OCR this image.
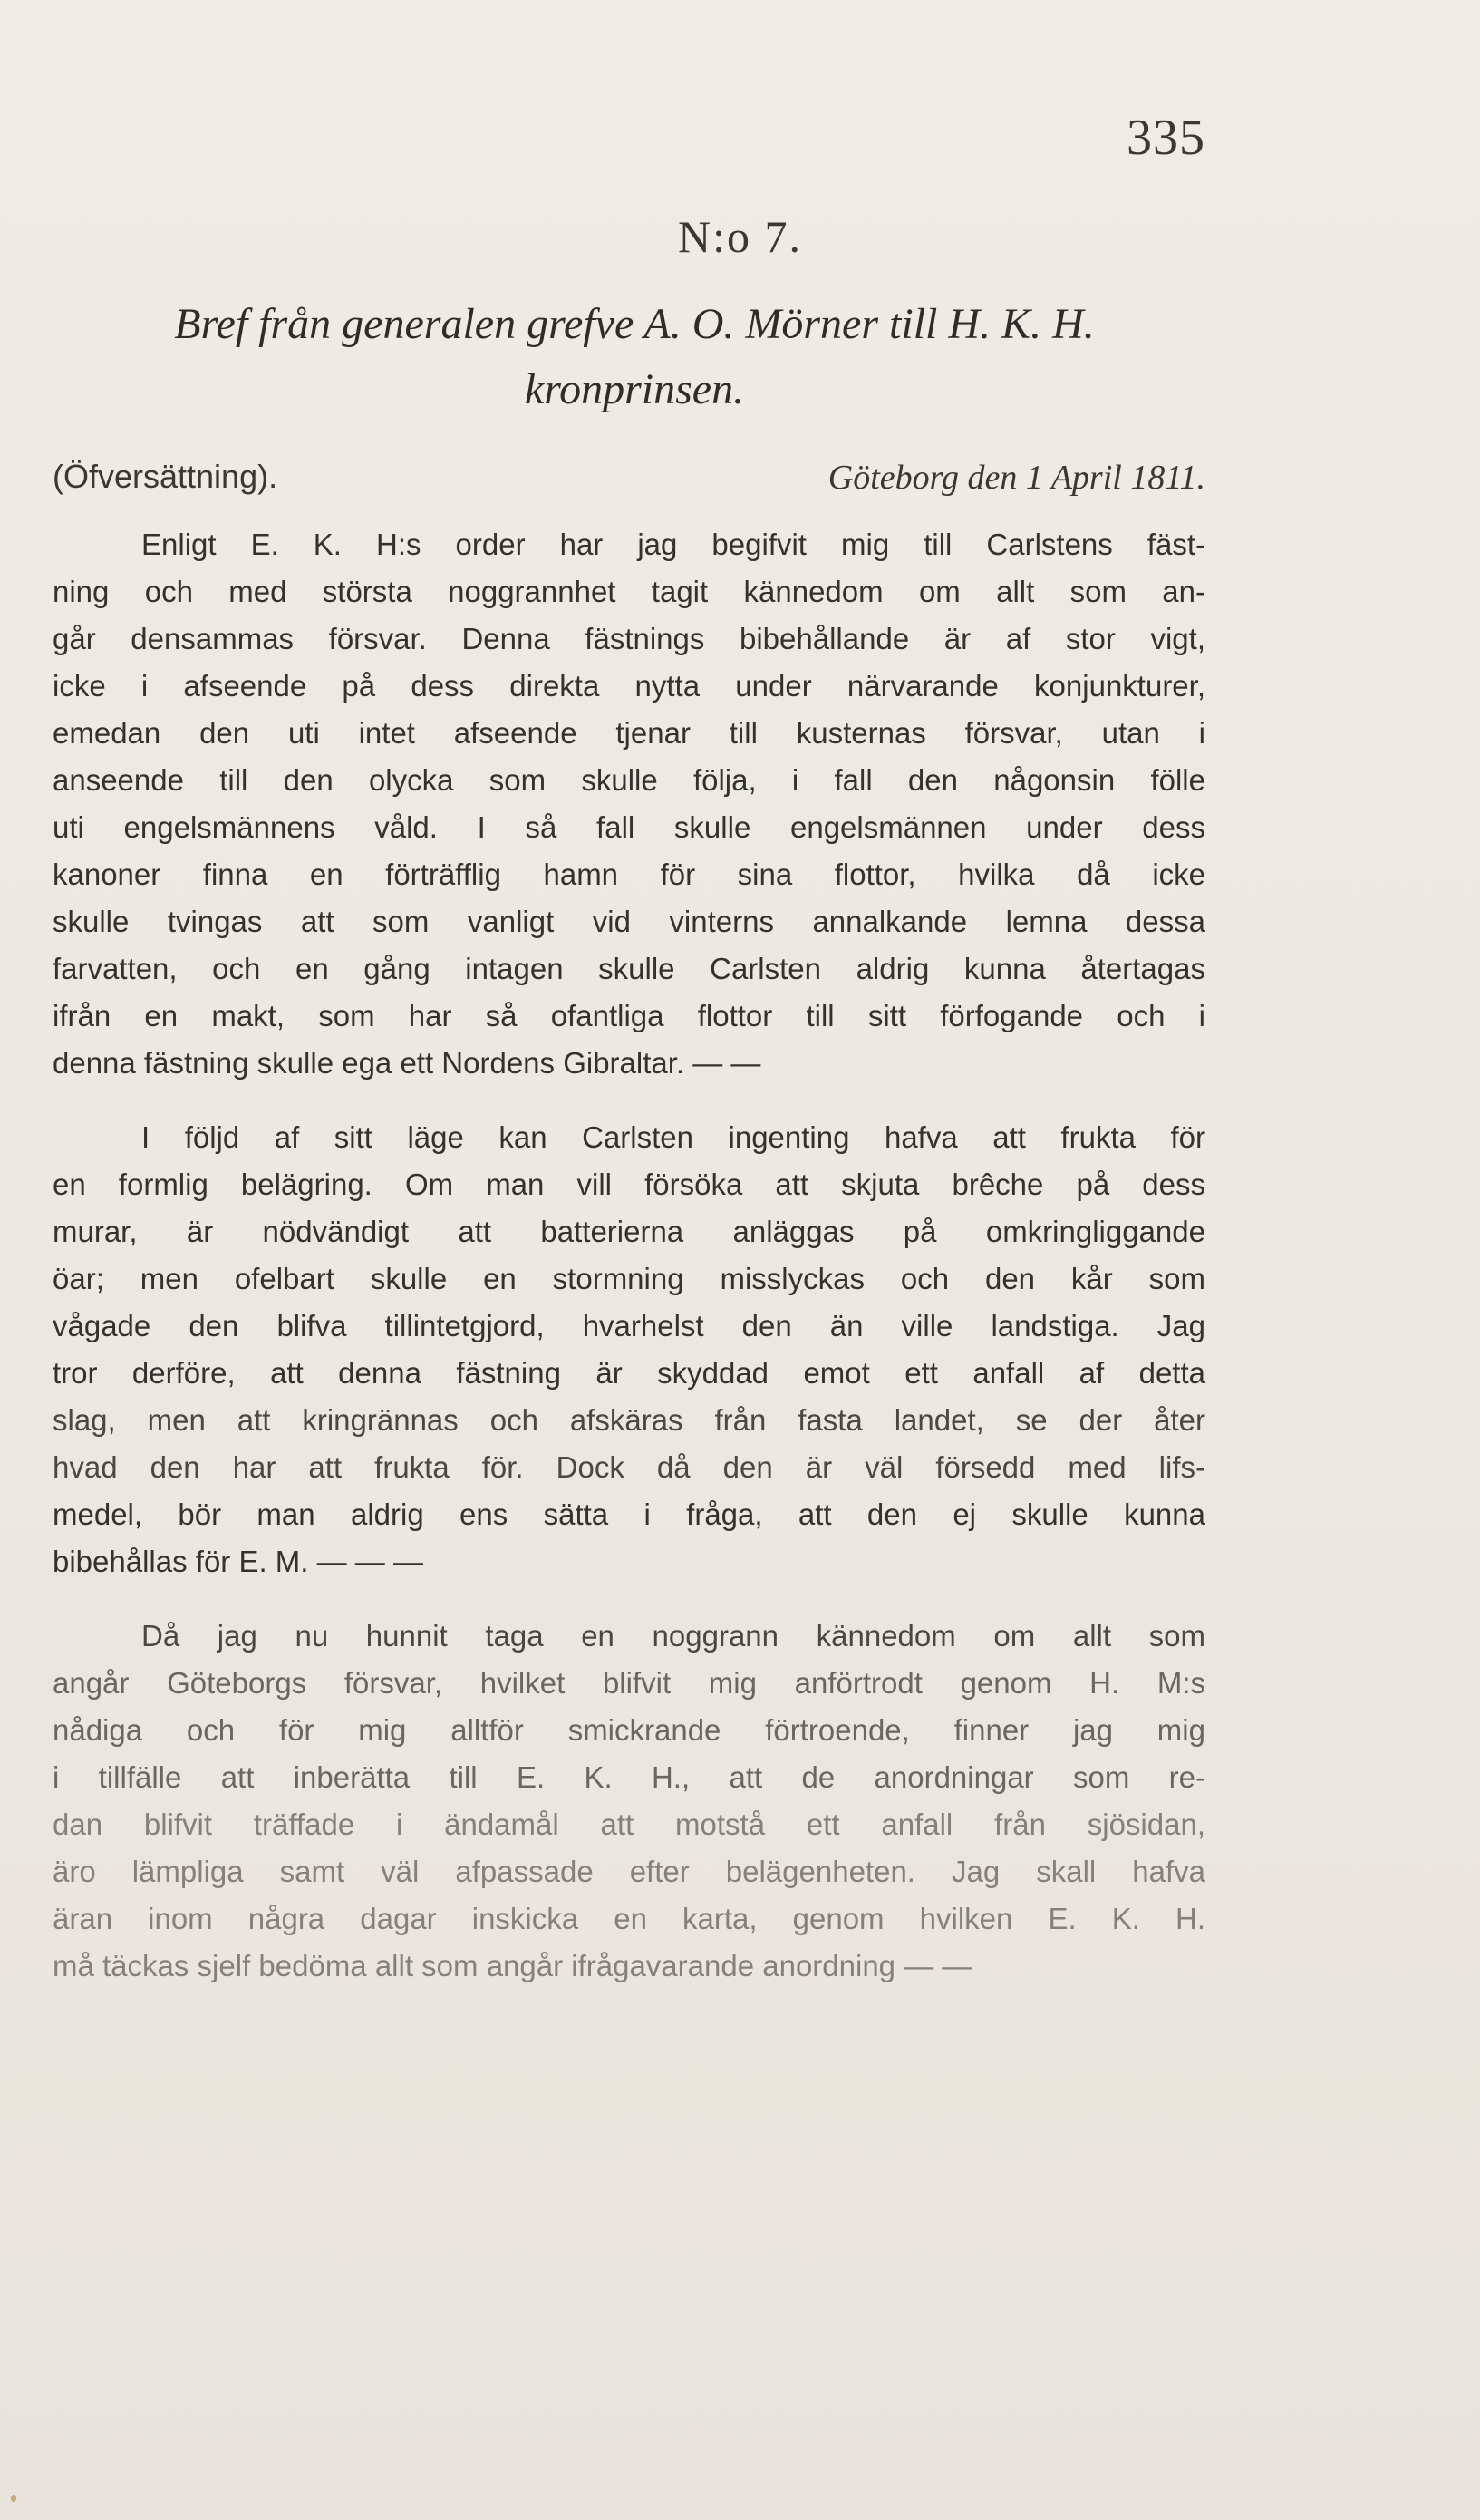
335
N:o 7.
Bref från generalen grefve A. O. Mörner till H. K. H.
kronprinsen.
(Öfversättning).	Göteborg den 1 April 1811.
Enligt E. K. H:s order har jag begifvit mig till Carlstens fäst-
ning och med största noggrannhet tagit kännedom om allt som an-
går densammas försvar. Denna fästnings bibehållande är af stor vigt,
icke i afseende på dess direkta nytta under närvarande konjunkturer,
emedan den uti intet afseende tjenar till kusternas försvar, utan i
anseende till den olycka som skulle följa, i fall den någonsin fölle
uti engelsmännens våld. I så fall skulle engelsmännen under dess
kanoner finna en förträfflig hamn för sina flottor, hvilka då icke
skulle tvingas att som vanligt vid vinterns annalkande lemna dessa
farvatten, och en gång intagen skulle Carlsten aldrig kunna återtagas
ifrån en makt, som har så ofantliga flottor till sitt förfogande och i
denna fästning skulle ega ett Nordens Gibraltar. — —
I följd af sitt läge kan Carlsten ingenting hafva att frukta för
en formlig belägring. Om man vill försöka att skjuta brêche på dess
murar, är nödvändigt att batterierna anläggas på omkringliggande
öar; men ofelbart skulle en stormning misslyckas och den kår som
vågade den blifva tillintetgjord, hvarhelst den än ville landstiga. Jag
tror derföre, att denna fästning är skyddad emot ett anfall af detta
slag, men att kringrännas och afskäras från fasta landet, se der åter
hvad den har att frukta för. Dock då den är väl försedd med lifs-
medel, bör man aldrig ens sätta i fråga, att den ej skulle kunna
bibehållas för E. M. — — —
Då jag nu hunnit taga en noggrann kännedom om allt som
angår Göteborgs försvar, hvilket blifvit mig anförtrodt genom H. M:s
nådiga och för mig alltför smickrande förtroende, finner jag mig
i tillfälle att inberätta till E. K. H., att de anordningar som re-
dan blifvit träffade i ändamål att motstå ett anfall från sjösidan,
äro lämpliga samt väl afpassade efter belägenheten. Jag skall hafva
äran inom några dagar inskicka en karta, genom hvilken E. K. H.
må täckas sjelf bedöma allt som angår ifrågavarande anordning — —
